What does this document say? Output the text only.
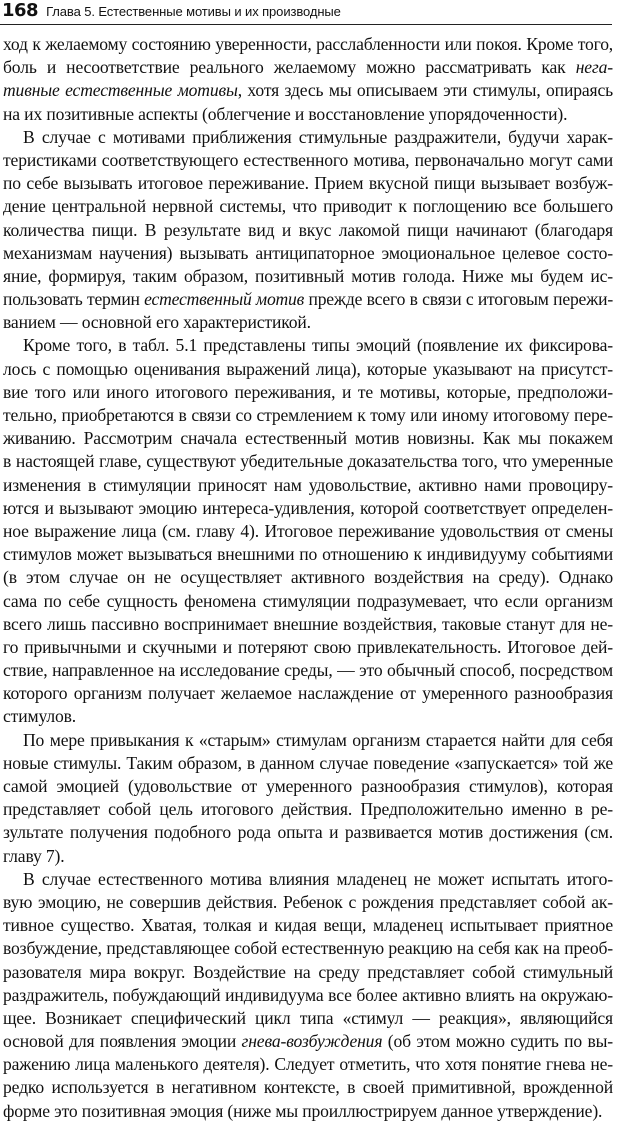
168 Глава 5. Естественные мотивы и их производные
ход к желаемому состоянию уверенности, расслабленности или покоя. Кроме того,
боль и несоответствие реального желаемому можно рассматривать как нега-
тивные естественные мотивы, хотя здесь мы описываем эти стимулы, опираясь
на их позитивные аспекты (облегчение и восстановление упорядоченности).
В случае с мотивами приближения стимульные раздражители, будучи харак-
теристиками соответствующего естественного мотива, первоначально могут сами
по себе вызывать итоговое переживание. Прием вкусной пищи вызывает возбуж-
дение центральной нервной системы, что приводит к поглощению все большего
количества пищи. В результате вид и вкус лакомой пищи начинают (благодаря
механизмам научения) вызывать антиципаторное эмоциональное целевое состо-
яние, формируя, таким образом, позитивный мотив голода. Ниже мы будем ис-
пользовать термин естественный мотив прежде всего в связи с итоговым пережи-
ванием — основной его характеристикой.
Кроме того, в табл. 5.1 представлены типы эмоций (появление их фиксирова-
лось с помощью оценивания выражений лица), которые указывают на присутст-
вие того или иного итогового переживания, и те мотивы, которые, предположи-
тельно, приобретаются в связи со стремлением к тому или иному итоговому пере-
живанию. Рассмотрим сначала естественный мотив новизны. Как мы покажем
в настоящей главе, существуют убедительные доказательства того, что умеренные
изменения в стимуляции приносят нам удовольствие, активно нами провоциру-
ются и вызывают эмоцию интереса-удивления, которой соответствует определен-
ное выражение лица (см. главу 4). Итоговое переживание удовольствия от смены
стимулов может вызываться внешними по отношению к индивидууму событиями
(в этом случае он не осуществляет активного воздействия на среду). Однако
сама по себе сущность феномена стимуляции подразумевает, что если организм
всего лишь пассивно воспринимает внешние воздействия, таковые станут для не-
го привычными и скучными и потеряют свою привлекательность. Итоговое дей-
ствие, направленное на исследование среды, — это обычный способ, посредством
которого организм получает желаемое наслаждение от умеренного разнообразия
стимулов.
По мере привыкания к «старым» стимулам организм старается найти для себя
новые стимулы. Таким образом, в данном случае поведение «запускается» той же
самой эмоцией (удовольствие от умеренного разнообразия стимулов), которая
представляет собой цель итогового действия. Предположительно именно в ре-
зультате получения подобного рода опыта и развивается мотив достижения (см.
главу 7).
В случае естественного мотива влияния младенец не может испытать итого-
вую эмоцию, не совершив действия. Ребенок с рождения представляет собой ак-
тивное существо. Хватая, толкая и кидая вещи, младенец испытывает приятное
возбуждение, представляющее собой естественную реакцию на себя как на преоб-
разователя мира вокруг. Воздействие на среду представляет собой стимульный
раздражитель, побуждающий индивидуума все более активно влиять на окружаю-
щее. Возникает специфический цикл типа «стимул — реакция», являющийся
основой для появления эмоции гнева-возбуждения (об этом можно судить по вы-
ражению лица маленького деятеля). Следует отметить, что хотя понятие гнева не-
редко используется в негативном контексте, в своей примитивной, врожденной
форме это позитивная эмоция (ниже мы проиллюстрируем данное утверждение).
